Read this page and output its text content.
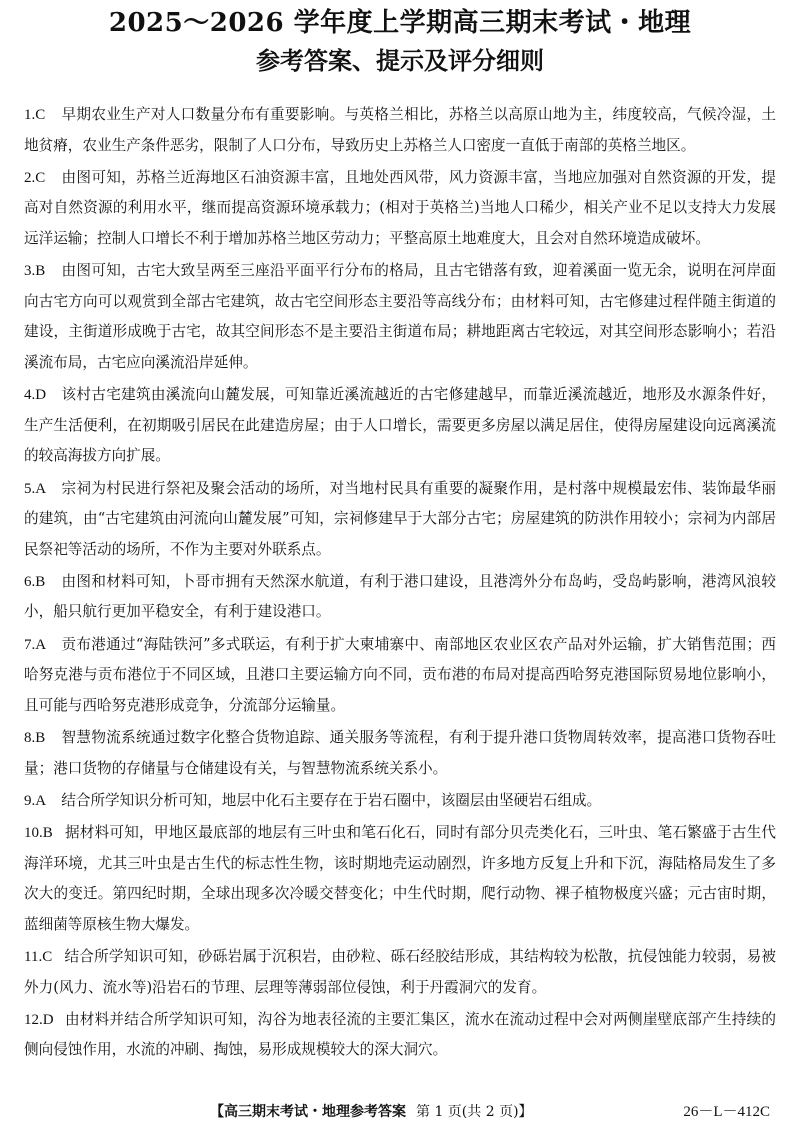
2025～2026 学年度上学期高三期末考试・地理
参考答案、提示及评分细则

1.C 早期农业生产对人口数量分布有重要影响。与英格兰相比，苏格兰以高原山地为主，纬度较高，气候冷湿，土地贫瘠，农业生产条件恶劣，限制了人口分布，导致历史上苏格兰人口密度一直低于南部的英格兰地区。

2.C 由图可知，苏格兰近海地区石油资源丰富，且地处西风带，风力资源丰富，当地应加强对自然资源的开发，提高对自然资源的利用水平，继而提高资源环境承载力；(相对于英格兰)当地人口稀少，相关产业不足以支持大力发展远洋运输；控制人口增长不利于增加苏格兰地区劳动力；平整高原土地难度大，且会对自然环境造成破坏。

3.B 由图可知，古宅大致呈两至三座沿平面平行分布的格局，且古宅错落有致，迎着溪面一览无余，说明在河岸面向古宅方向可以观赏到全部古宅建筑，故古宅空间形态主要沿等高线分布；由材料可知，古宅修建过程伴随主街道的建设，主街道形成晚于古宅，故其空间形态不是主要沿主街道布局；耕地距离古宅较远，对其空间形态影响小；若沿溪流布局，古宅应向溪流沿岸延伸。

4.D 该村古宅建筑由溪流向山麓发展，可知靠近溪流越近的古宅修建越早，而靠近溪流越近，地形及水源条件好，生产生活便利，在初期吸引居民在此建造房屋；由于人口增长，需要更多房屋以满足居住，使得房屋建设向远离溪流的较高海拔方向扩展。

5.A 宗祠为村民进行祭祀及聚会活动的场所，对当地村民具有重要的凝聚作用，是村落中规模最宏伟、装饰最华丽的建筑，由“古宅建筑由河流向山麓发展”可知，宗祠修建早于大部分古宅；房屋建筑的防洪作用较小；宗祠为内部居民祭祀等活动的场所，不作为主要对外联系点。

6.B 由图和材料可知，卜哥市拥有天然深水航道，有利于港口建设，且港湾外分布岛屿，受岛屿影响，港湾风浪较小，船只航行更加平稳安全，有利于建设港口。

7.A 贡布港通过“海陆铁河”多式联运，有利于扩大柬埔寨中、南部地区农业区农产品对外运输，扩大销售范围；西哈努克港与贡布港位于不同区域，且港口主要运输方向不同，贡布港的布局对提高西哈努克港国际贸易地位影响小，且可能与西哈努克港形成竞争，分流部分运输量。

8.B 智慧物流系统通过数字化整合货物追踪、通关服务等流程，有利于提升港口货物周转效率，提高港口货物吞吐量；港口货物的存储量与仓储建设有关，与智慧物流系统关系小。

9.A 结合所学知识分析可知，地层中化石主要存在于岩石圈中，该圈层由坚硬岩石组成。

10.B 据材料可知，甲地区最底部的地层有三叶虫和笔石化石，同时有部分贝壳类化石，三叶虫、笔石繁盛于古生代海洋环境，尤其三叶虫是古生代的标志性生物，该时期地壳运动剧烈，许多地方反复上升和下沉，海陆格局发生了多次大的变迁。第四纪时期，全球出现多次冷暖交替变化；中生代时期，爬行动物、裸子植物极度兴盛；元古宙时期，蓝细菌等原核生物大爆发。

11.C 结合所学知识可知，砂砾岩属于沉积岩，由砂粒、砾石经胶结形成，其结构较为松散，抗侵蚀能力较弱，易被外力(风力、流水等)沿岩石的节理、层理等薄弱部位侵蚀，利于丹霞洞穴的发育。

12.D 由材料并结合所学知识可知，沟谷为地表径流的主要汇集区，流水在流动过程中会对两侧崖壁底部产生持续的侧向侵蚀作用，水流的冲刷、掏蚀，易形成规模较大的深大洞穴。

【高三期末考试・地理参考答案 第 1 页(共 2 页)】	26－L－412C
